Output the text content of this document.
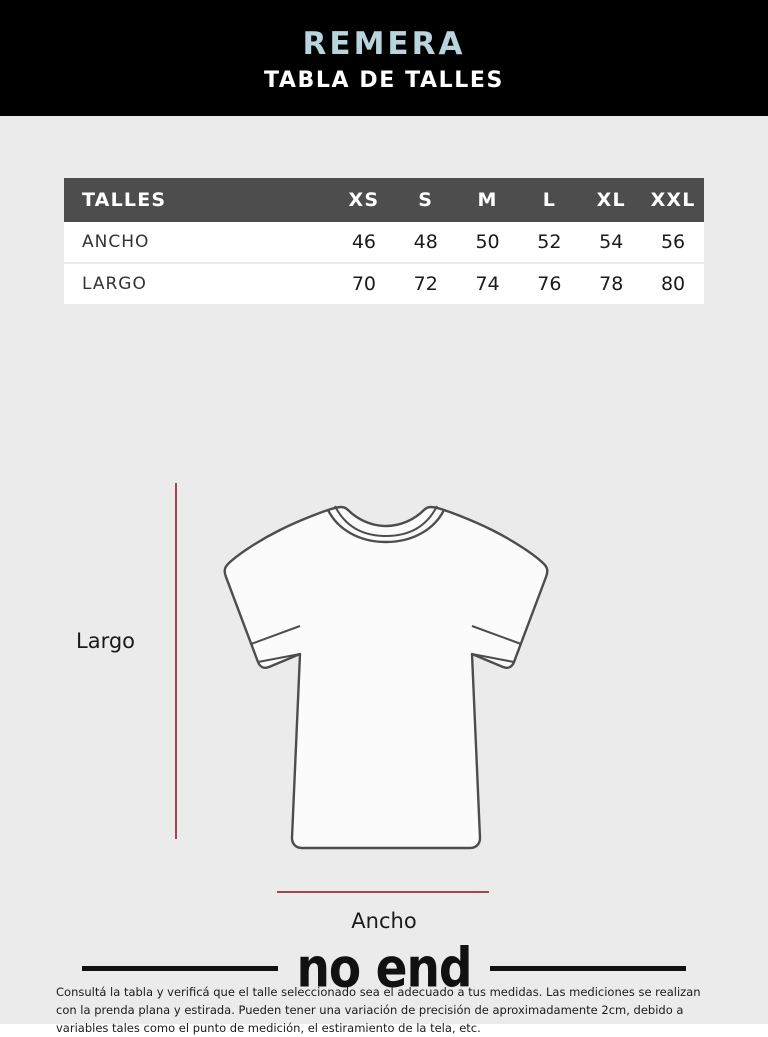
REMERA
TABLA DE TALLES
TALLES	XS	S	M	L	XL	XXL
ANCHO	46	48	50	52	54	56
LARGO	70	72	74	76	78	80
Largo
Ancho
Consultá la tabla y verificá que el talle seleccionado sea el adecuado a tus medidas. Las mediciones se realizan con la prenda plana y estirada. Pueden tener una variación de precisión de aproximadamente 2cm, debido a variables tales como el punto de medición, el estiramiento de la tela, etc.
no end
